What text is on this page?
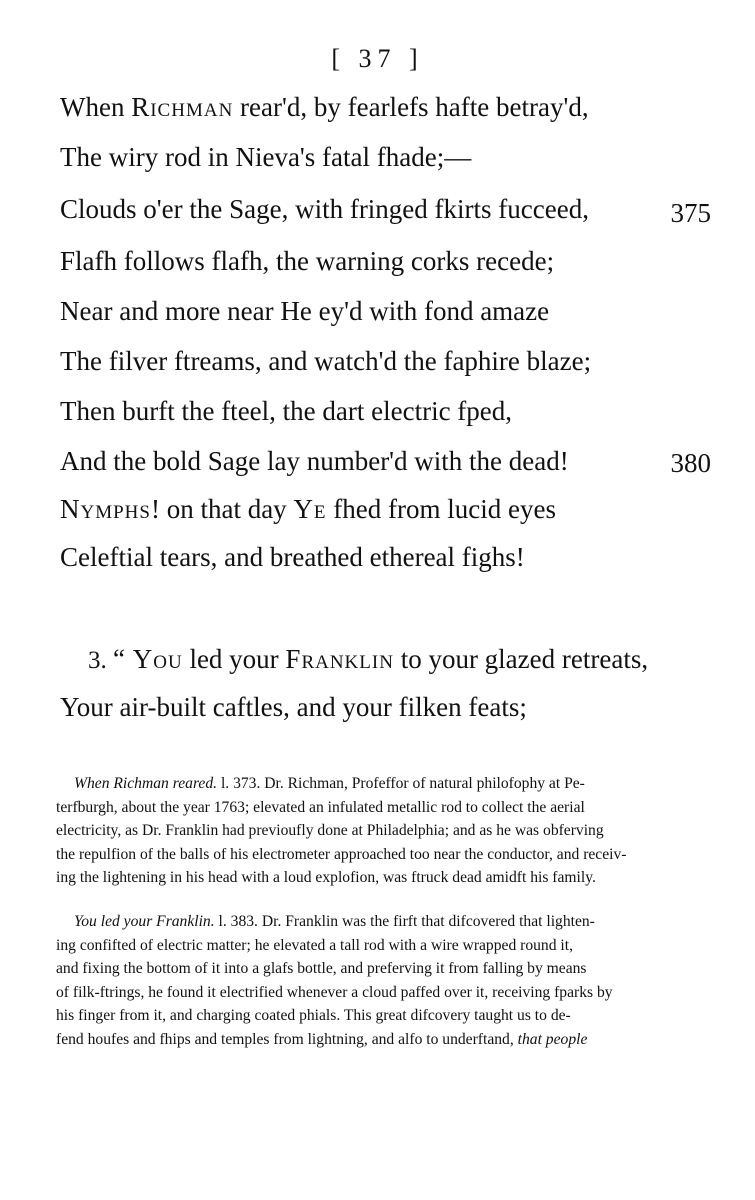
[ 37 ]
When Richman rear'd, by fearlefs hafte betray'd,
The wiry rod in Nieva's fatal fhade;—
Clouds o'er the Sage, with fringed fkirts fucceed,	375
Flafh follows flafh, the warning corks recede;
Near and more near He ey'd with fond amaze
The filver ftreams, and watch'd the faphire blaze;
Then burft the fteel, the dart electric fped,
And the bold Sage lay number'd with the dead!	380
Nymphs! on that day Ye fhed from lucid eyes
Celeftial tears, and breathed ethereal fighs!
3. “ You led your Franklin to your glazed retreats,
Your air-built caftles, and your filken feats;
When Richman reared. l. 373. Dr. Richman, Profeffor of natural philofophy at Pe-
terfburgh, about the year 1763; elevated an infulated metallic rod to collect the aerial
electricity, as Dr. Franklin had previoufly done at Philadelphia; and as he was obferving
the repulfion of the balls of his electrometer approached too near the conductor, and receiv-
ing the lightening in his head with a loud explofion, was ftruck dead amidft his family.
You led your Franklin. l. 383. Dr. Franklin was the firft that difcovered that lighten-
ing confifted of electric matter; he elevated a tall rod with a wire wrapped round it,
and fixing the bottom of it into a glafs bottle, and preferving it from falling by means
of filk-ftrings, he found it electrified whenever a cloud paffed over it, receiving fparks by
his finger from it, and charging coated phials. This great difcovery taught us to de-
fend houfes and fhips and temples from lightning, and alfo to underftand, that people
